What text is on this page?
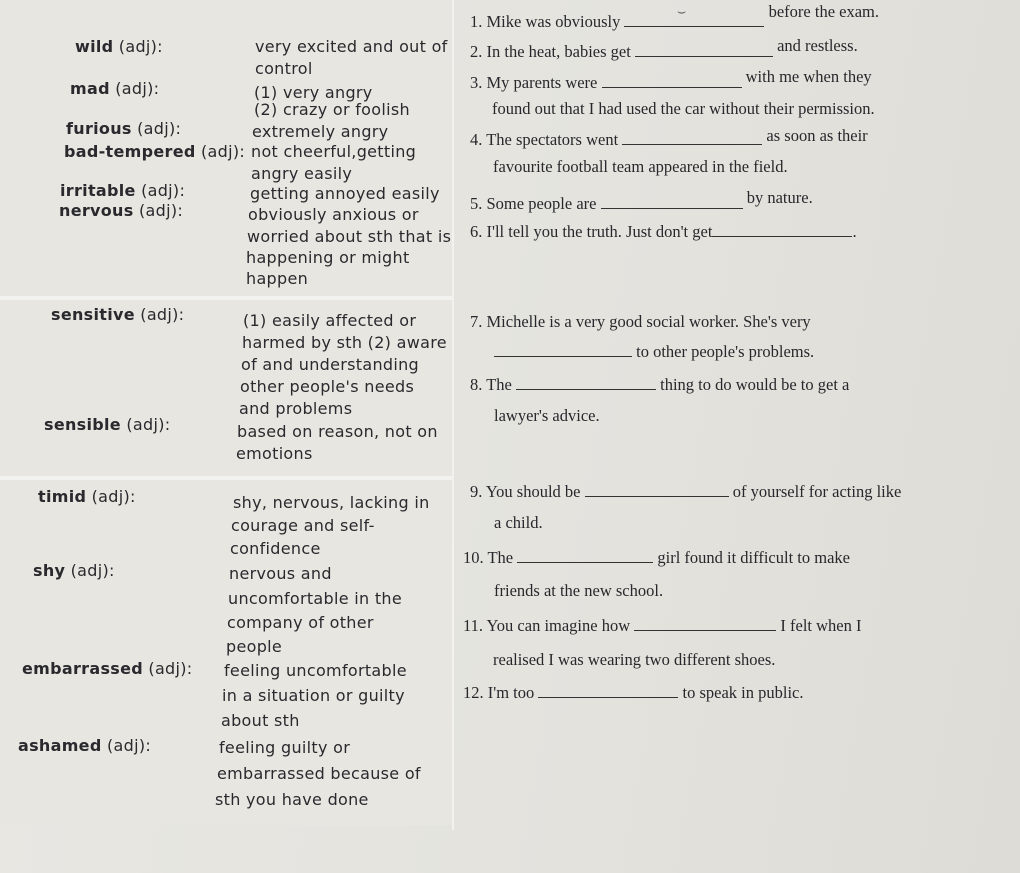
wild (adj):	very excited and out of
control
mad (adj):	(1) very angry
(2) crazy or foolish
furious (adj):	extremely angry
bad-tempered (adj): not cheerful,getting
angry easily
irritable (adj):	getting annoyed easily
nervous (adj):	obviously anxious or
worried about sth that is
happening or might
happen
sensitive (adj):	(1) easily affected or
harmed by sth (2) aware
of and understanding
other people's needs
and problems
sensible (adj):	based on reason, not on
emotions
timid (adj):	shy, nervous, lacking in
courage and self-
confidence
shy (adj):	nervous and
uncomfortable in the
company of other
people
embarrassed (adj): feeling uncomfortable
in a situation or guilty
about sth
ashamed (adj):	feeling guilty or
embarrassed because of
sth you have done
1. Mike was obviously  before the exam.
⌣
2. In the heat, babies get	and restless.
3. My parents were	with me when they
found out that I had used the car without their permission.
4. The spectators went	as soon as their
favourite football team appeared in the field.
5. Some people are	by nature.
6. I'll tell you the truth. Just don't get	.
7. Michelle is a very good social worker. She's very
to other people's problems.
8. The	thing to do would be to get a
lawyer's advice.
9. You should be	of yourself for acting like
a child.
10. The	girl found it difficult to make
friends at the new school.
11. You can imagine how	I felt when I
realised I was wearing two different shoes.
12. I'm too	to speak in public.
